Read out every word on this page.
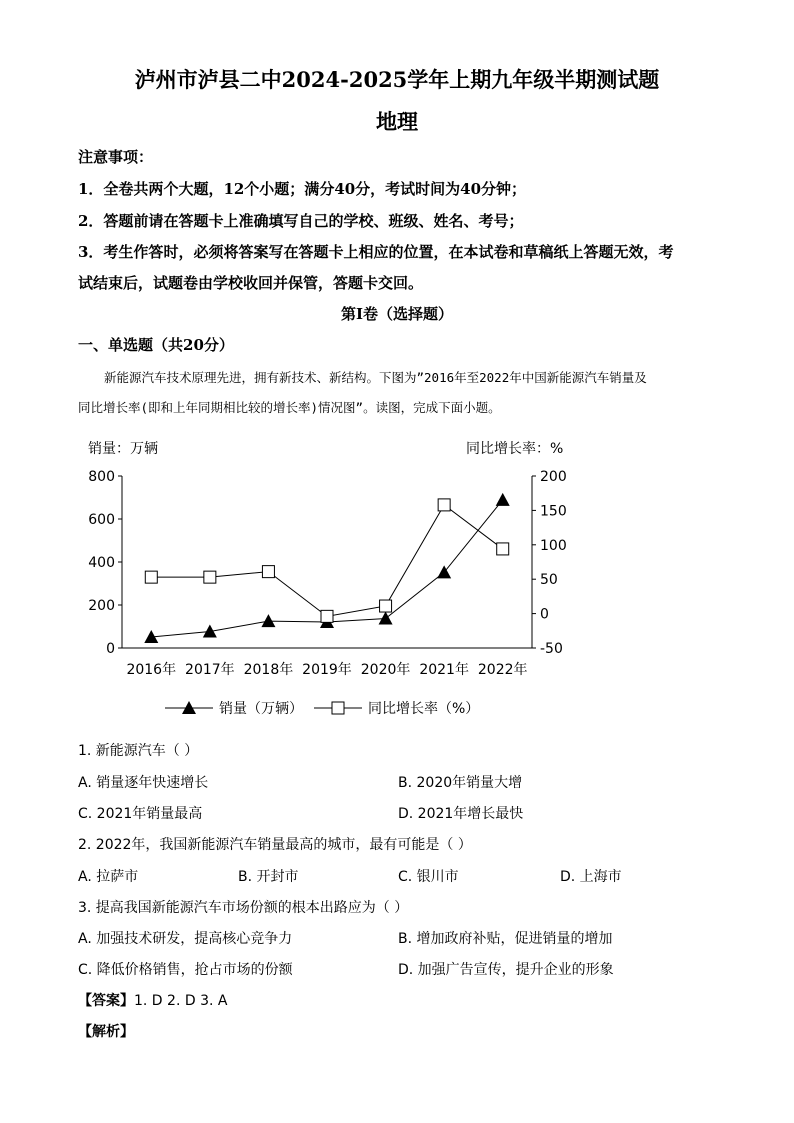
泸州市泸县二中2024-2025学年上期九年级半期测试题
地理
注意事项：
1．全卷共两个大题，12个小题；满分40分，考试时间为40分钟；
2．答题前请在答题卡上准确填写自己的学校、班级、姓名、考号；
3．考生作答时，必须将答案写在答题卡上相应的位置，在本试卷和草稿纸上答题无效，考
试结束后，试题卷由学校收回并保管，答题卡交回。
第I卷（选择题）
一、单选题（共20分）
新能源汽车技术原理先进，拥有新技术、新结构。下图为”2016年至2022年中国新能源汽车销量及
同比增长率(即和上年同期相比较的增长率)情况图”。读图，完成下面小题。
销量：万辆	同比增长率：%
0
200
400
600
800
-50
0
50
100
150
200
2016年 2017年 2018年 2019年 2020年 2021年 2022年
销量（万辆）	同比增长率（%）
1. 新能源汽车（ ）
A. 销量逐年快速增长	B. 2020年销量大增
C. 2021年销量最高	D. 2021年增长最快
2. 2022年，我国新能源汽车销量最高的城市，最有可能是（ ）
A. 拉萨市	B. 开封市	C. 银川市	D. 上海市
3. 提高我国新能源汽车市场份额的根本出路应为（ ）
A. 加强技术研发，提高核心竞争力	B. 增加政府补贴，促进销量的增加
C. 降低价格销售，抢占市场的份额	D. 加强广告宣传，提升企业的形象
【答案】1. D 2. D 3. A
【解析】
